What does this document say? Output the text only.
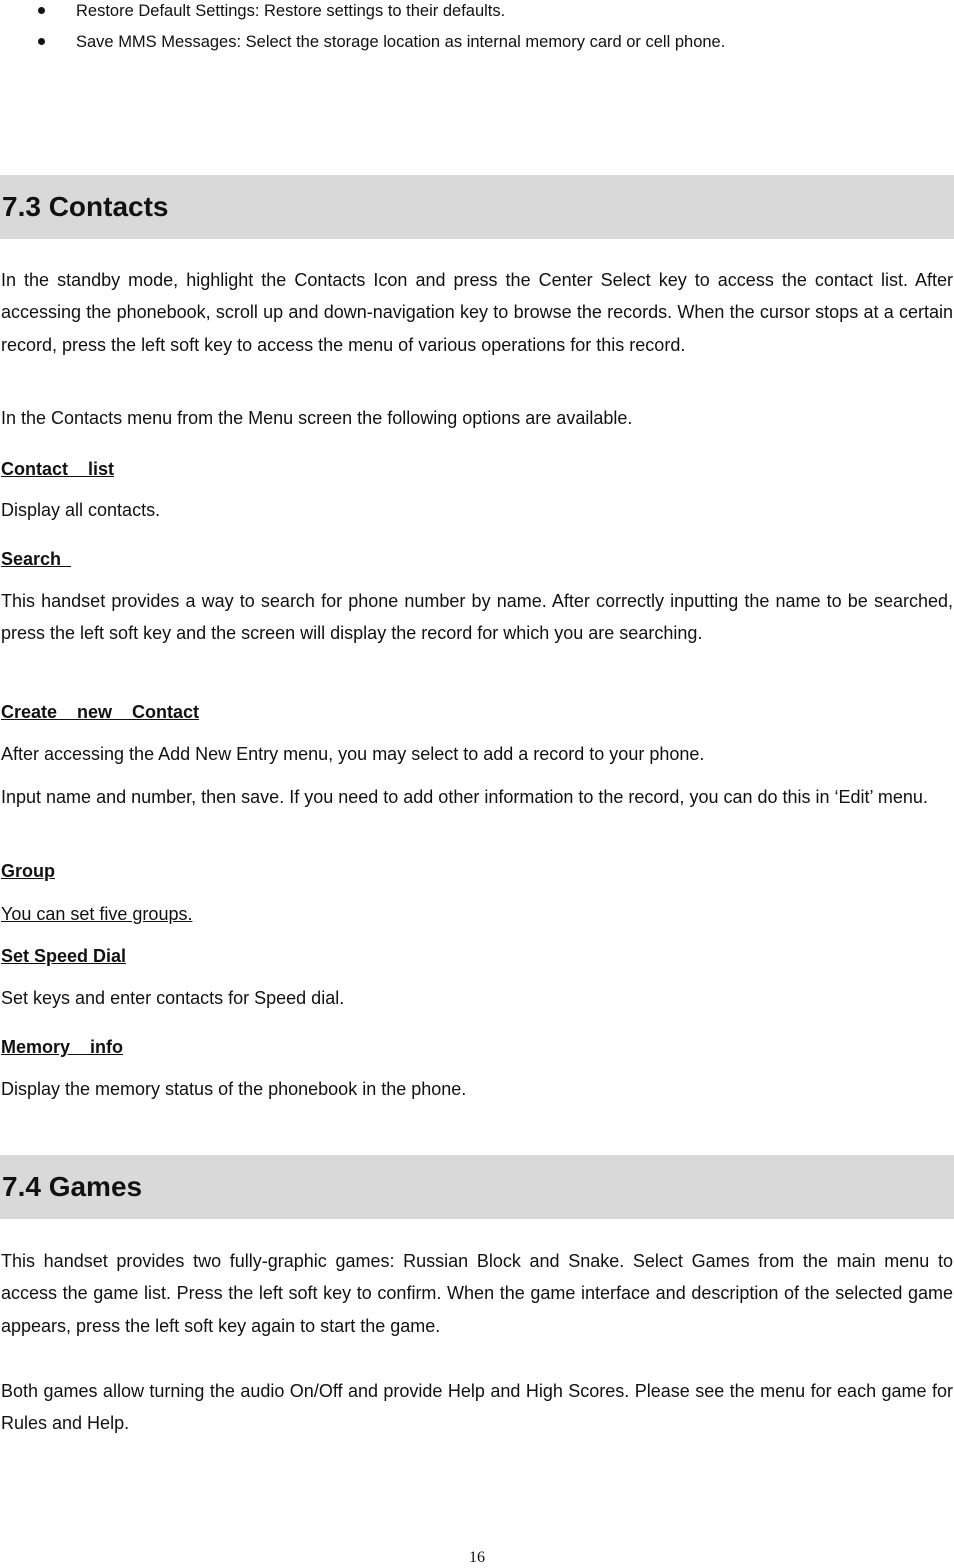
Restore Default Settings: Restore settings to their defaults.
Save MMS Messages: Select the storage location as internal memory card or cell phone.
7.3 Contacts

In the standby mode, highlight the Contacts Icon and press the Center Select key to access the contact list. After accessing the phonebook, scroll up and down-navigation key to browse the records. When the cursor stops at a certain record, press the left soft key to access the menu of various operations for this record.

In the Contacts menu from the Menu screen the following options are available.

Contact    list

Display all contacts.

Search

This handset provides a way to search for phone number by name. After correctly inputting the name to be searched, press the left soft key and the screen will display the record for which you are searching.

Create    new    Contact

After accessing the Add New Entry menu, you may select to add a record to your phone.

Input name and number, then save. If you need to add other information to the record, you can do this in ‘Edit’ menu.

Group

You can set five groups.

Set Speed Dial

Set keys and enter contacts for Speed dial.

Memory    info

Display the memory status of the phonebook in the phone.

7.4 Games

This handset provides two fully-graphic games: Russian Block and Snake. Select Games from the main menu to access the game list. Press the left soft key to confirm. When the game interface and description of the selected game appears, press the left soft key again to start the game.

Both games allow turning the audio On/Off and provide Help and High Scores. Please see the menu for each game for Rules and Help.

16
